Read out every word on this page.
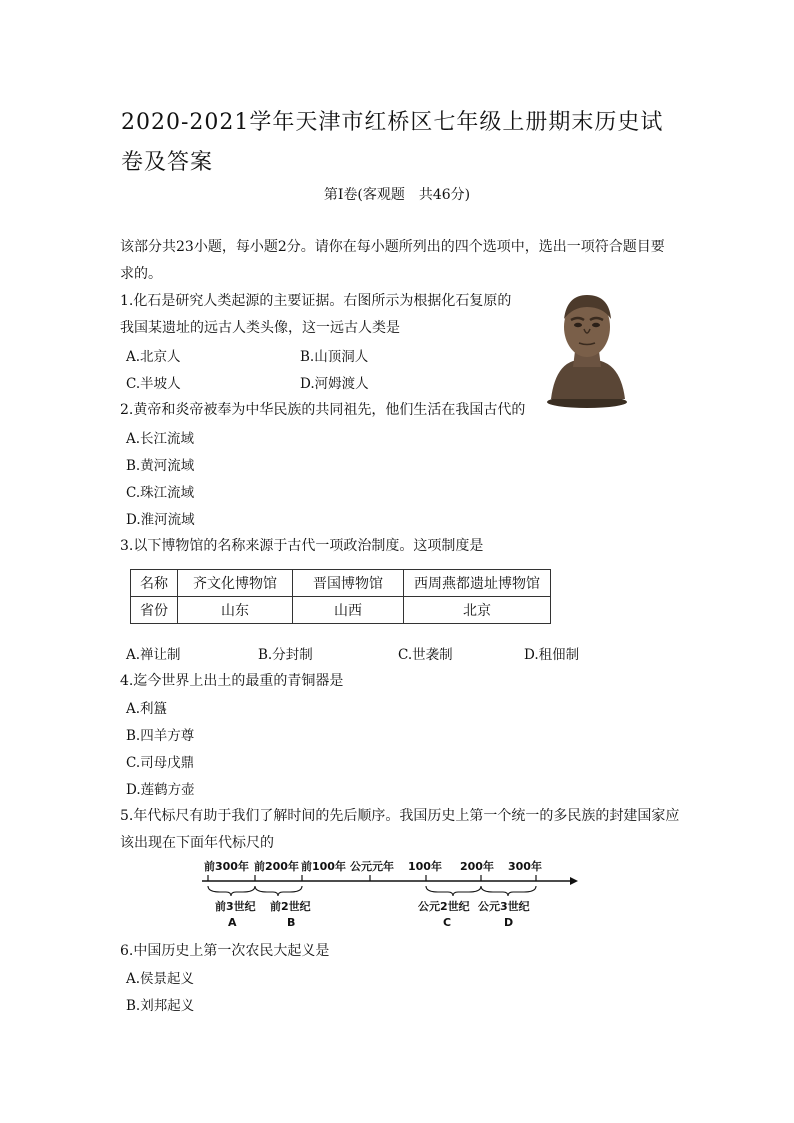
2020-2021学年天津市红桥区七年级上册期末历史试卷及答案
第Ⅰ卷(客观题　共46分)
该部分共23小题，每小题2分。请你在每小题所列出的四个选项中，选出一项符合题目要
求的。
1.化石是研究人类起源的主要证据。右图所示为根据化石复原的
我国某遗址的远古人类头像，这一远古人类是
A.北京人	B.山顶洞人
C.半坡人	D.河姆渡人
2.黄帝和炎帝被奉为中华民族的共同祖先，他们生活在我国古代的
A.长江流域
B.黄河流域
C.珠江流域
D.淮河流域
3.以下博物馆的名称来源于古代一项政治制度。这项制度是
名称	齐文化博物馆	晋国博物馆	西周燕都遗址博物馆
省份	山东	山西	北京
A.禅让制	B.分封制	C.世袭制	D.租佃制
4.迄今世界上出土的最重的青铜器是
A.利簋
B.四羊方尊
C.司母戊鼎
D.莲鹤方壶
5.年代标尺有助于我们了解时间的先后顺序。我国历史上第一个统一的多民族的封建国家应
该出现在下面年代标尺的
前300年 前200年 前100年 公元元年 100年 200年 300年
前3世纪 前2世纪	公元2世纪 公元3世纪
A	B	C	D
6.中国历史上第一次农民大起义是
A.侯景起义
B.刘邦起义
